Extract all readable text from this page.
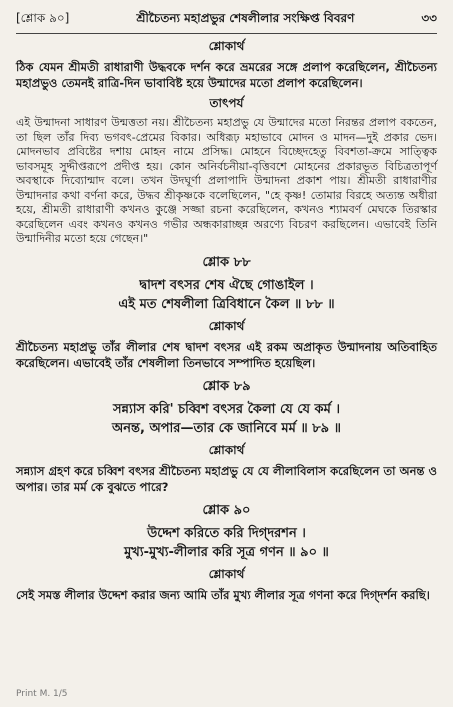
[শ্লোক ৯০]	শ্রীচৈতন্য মহাপ্রভুর শেষলীলার সংক্ষিপ্ত বিবরণ	৩৩
শ্লোকার্থ

ঠিক যেমন শ্রীমতী রাধারাণী উদ্ধবকে দর্শন করে ভ্রমরের সঙ্গে প্রলাপ করেছিলেন, শ্রীচৈতন্য মহাপ্রভুও তেমনই রাত্রি-দিন ভাবাবিষ্ট হয়ে উন্মাদের মতো প্রলাপ করেছিলেন।

তাৎপর্য

এই উন্মাদনা সাধারণ উন্মত্ততা নয়। শ্রীচৈতন্য মহাপ্রভু যে উন্মাদের মতো নিরন্তর প্রলাপ বকতেন, তা ছিল তাঁর দিব্য ভগবৎ-প্রেমের বিকার। অধিরূঢ় মহাভাবে মোদন ও মাদন—দুই প্রকার ভেদ। মোদনভাব প্রবিষ্টের দশায় মোহন নামে প্রসিদ্ধ। মোহনে বিচ্ছেদহেতু বিবশতা-ক্রমে সাত্ত্বিক ভাবসমূহ সুদ্দীপ্তরূপে প্রদীপ্ত হয়। কোন অনির্বচনীয়া-বৃত্তিবশে মোহনের প্রকারভূত বিচিত্রতাপূর্ণ অবস্থাকে দিব্যোন্মাদ বলে। তখন উদঘূর্ণা প্রলাপাদি উন্মাদনা প্রকাশ পায়। শ্রীমতী রাধারাণীর উন্মাদনার কথা বর্ণনা করে, উদ্ধব শ্রীকৃষ্ণকে বলেছিলেন, "হে কৃষ্ণ! তোমার বিরহে অত্যন্ত অধীরা হয়ে, শ্রীমতী রাধারাণী কখনও কুঞ্জে সজ্জা রচনা করেছিলেন, কখনও শ্যামবর্ণ মেঘকে তিরস্কার করেছিলেন এবং কখনও কখনও গভীর অন্ধকারাচ্ছন্ন অরণ্যে বিচরণ করছিলেন। এভাবেই তিনি উন্মাদিনীর মতো হয়ে গেছেন।"

শ্লোক ৮৮
দ্বাদশ বৎসর শেষ ঐছে গোঙাইল ।
এই মত শেষলীলা ত্রিবিধানে কৈল ॥ ৮৮ ॥
শ্লোকার্থ

শ্রীচৈতন্য মহাপ্রভু তাঁর লীলার শেষ দ্বাদশ বৎসর এই রকম অপ্রাকৃত উন্মাদনায় অতিবাহিত করেছিলেন। এভাবেই তাঁর শেষলীলা তিনভাবে সম্পাদিত হয়েছিল।

শ্লোক ৮৯
সন্ন্যাস করি' চব্বিশ বৎসর কৈলা যে যে কর্ম ।
অনন্ত, অপার—তার কে জানিবে মর্ম ॥ ৮৯ ॥
শ্লোকার্থ

সন্ন্যাস গ্রহণ করে চব্বিশ বৎসর শ্রীচৈতন্য মহাপ্রভু যে যে লীলাবিলাস করেছিলেন তা অনন্ত ও অপার। তার মর্ম কে বুঝতে পারে?

শ্লোক ৯০
উদ্দেশ করিতে করি দিগ্‌দরশন ।
মুখ্য-মুখ্য-লীলার করি সূত্র গণন ॥ ৯০ ॥
শ্লোকার্থ

সেই সমস্ত লীলার উদ্দেশ করার জন্য আমি তাঁর মুখ্য লীলার সূত্র গণনা করে দিগ্‌দর্শন করছি।

Print M. 1/5
